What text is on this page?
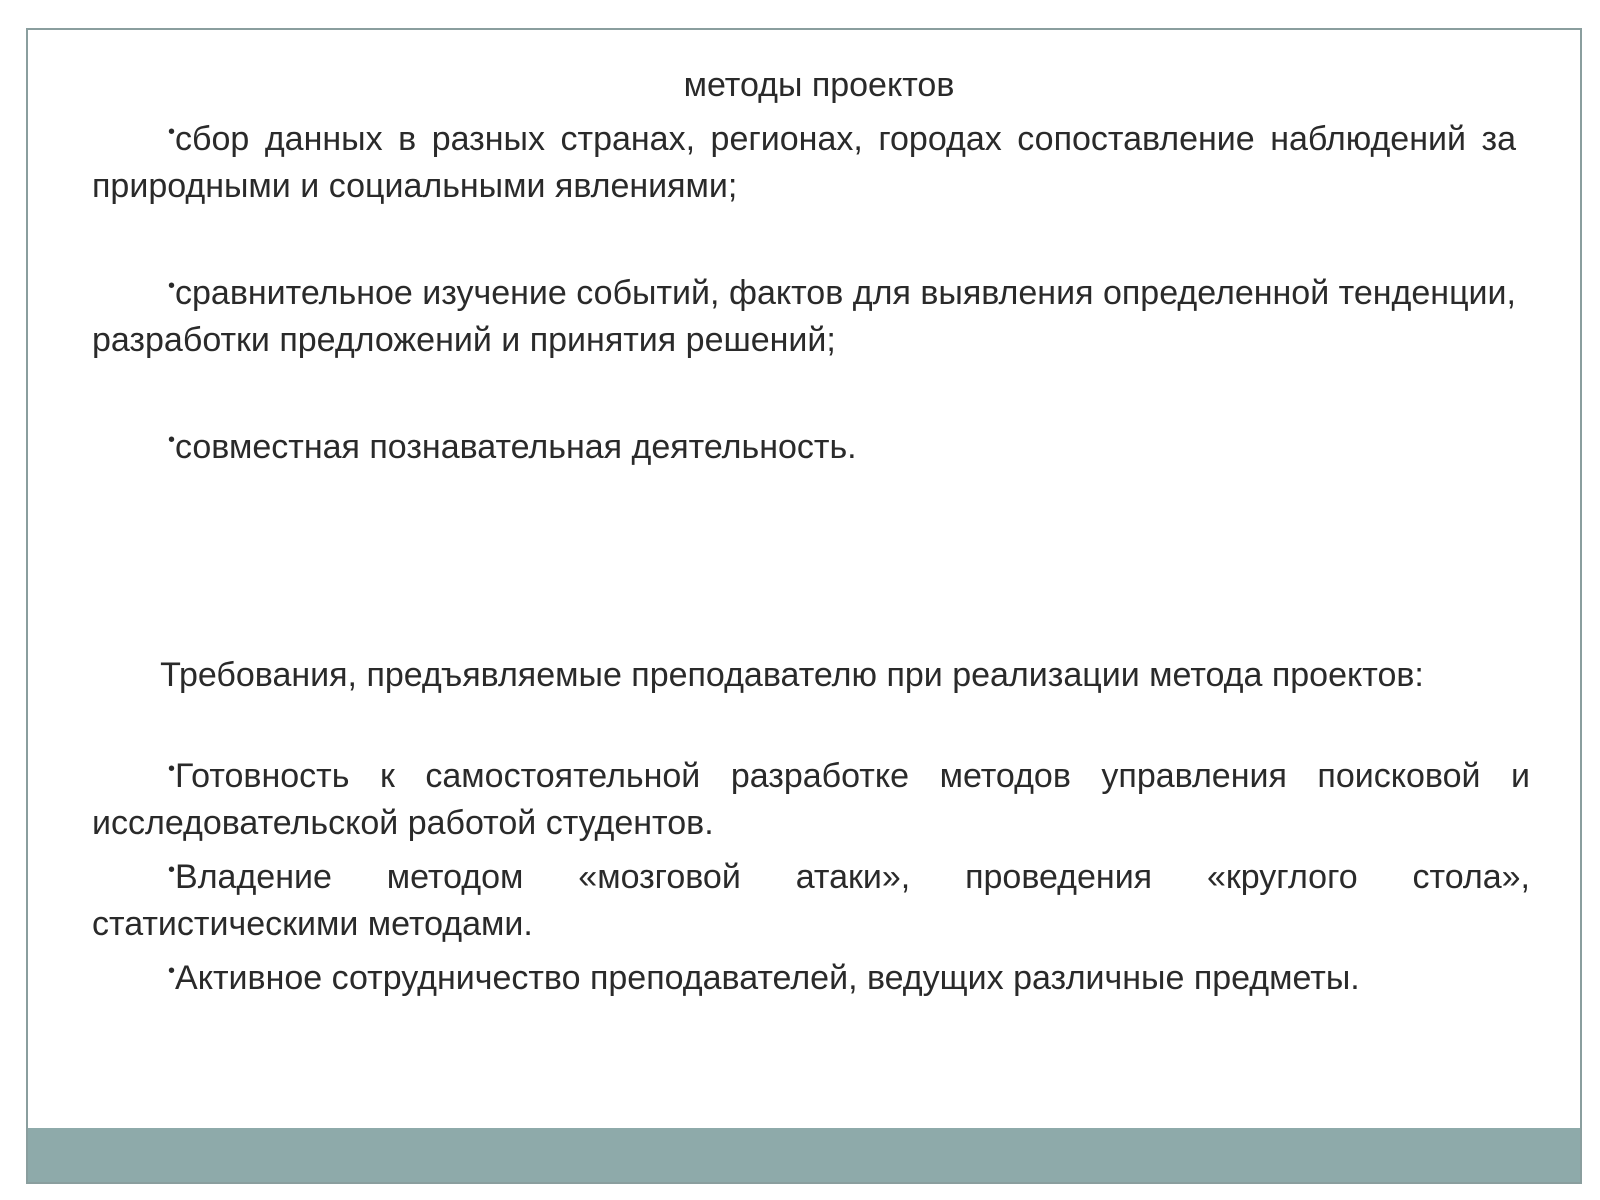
методы проектов

•сбор данных в разных странах, регионах, городах сопоставление наблюдений за природными и социальными явлениями;

•сравнительное изучение событий, фактов для выявления определенной тенденции, разработки предложений и принятия решений;

•совместная познавательная деятельность.

Требования, предъявляемые преподавателю при реализации метода проектов:

•Готовность к самостоятельной разработке методов управления поисковой и исследовательской работой студентов.

•Владение методом «мозговой атаки», проведения «круглого стола», статистическими методами.

•Активное сотрудничество преподавателей, ведущих различные предметы.
